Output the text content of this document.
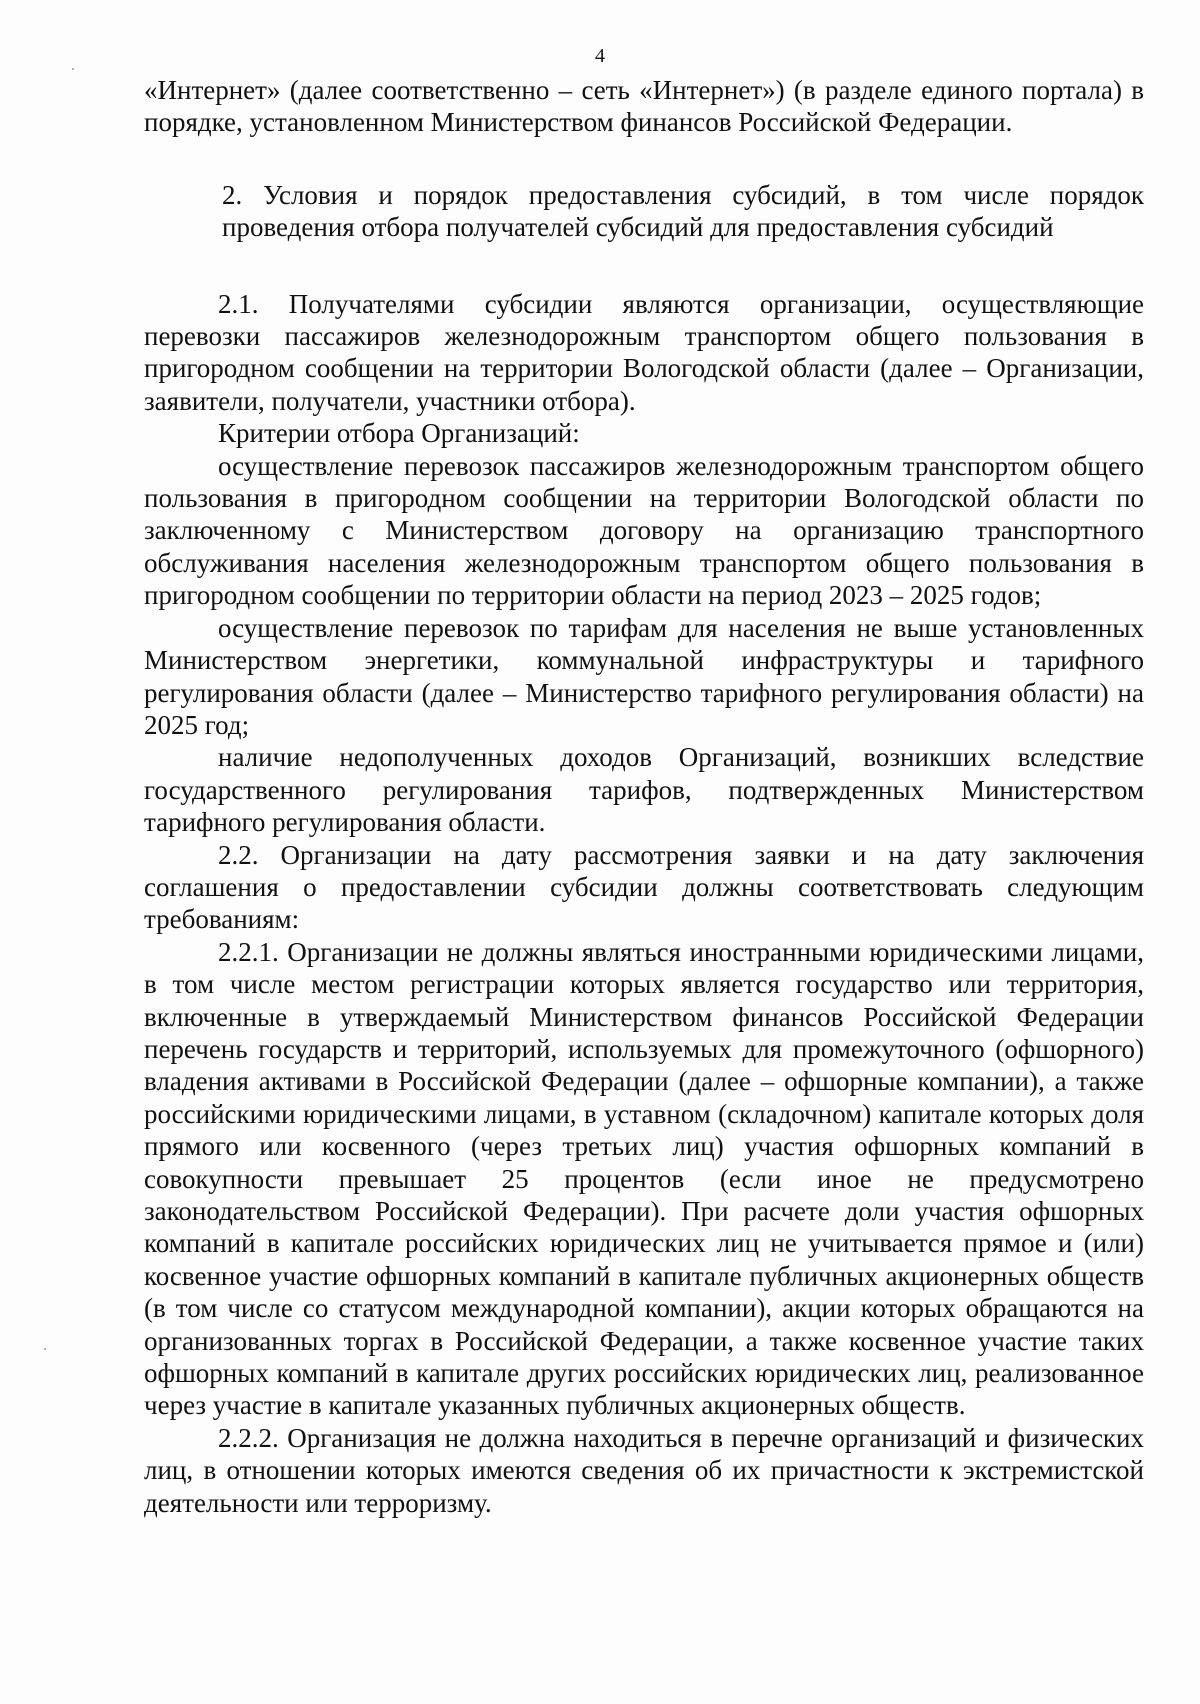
4

«Интернет» (далее соответственно – сеть «Интернет») (в разделе единого портала) в порядке, установленном Министерством финансов Российской Федерации.

2. Условия и порядок предоставления субсидий, в том числе порядок проведения отбора получателей субсидий для предоставления субсидий

2.1. Получателями субсидии являются организации, осуществляющие перевозки пассажиров железнодорожным транспортом общего пользования в пригородном сообщении на территории Вологодской области (далее – Организации, заявители, получатели, участники отбора).

Критерии отбора Организаций:

осуществление перевозок пассажиров железнодорожным транспортом общего пользования в пригородном сообщении на территории Вологодской области по заключенному с Министерством договору на организацию транспортного обслуживания населения железнодорожным транспортом общего пользования в пригородном сообщении по территории области на период 2023 – 2025 годов;

осуществление перевозок по тарифам для населения не выше установленных Министерством энергетики, коммунальной инфраструктуры и тарифного регулирования области (далее – Министерство тарифного регулирования области) на 2025 год;

наличие недополученных доходов Организаций, возникших вследствие государственного регулирования тарифов, подтвержденных Министерством тарифного регулирования области.

2.2. Организации на дату рассмотрения заявки и на дату заключения соглашения о предоставлении субсидии должны соответствовать следующим требованиям:

2.2.1. Организации не должны являться иностранными юридическими лицами, в том числе местом регистрации которых является государство или территория, включенные в утверждаемый Министерством финансов Российской Федерации перечень государств и территорий, используемых для промежуточного (офшорного) владения активами в Российской Федерации (далее – офшорные компании), а также российскими юридическими лицами, в уставном (складочном) капитале которых доля прямого или косвенного (через третьих лиц) участия офшорных компаний в совокупности превышает 25 процентов (если иное не предусмотрено законодательством Российской Федерации). При расчете доли участия офшорных компаний в капитале российских юридических лиц не учитывается прямое и (или) косвенное участие офшорных компаний в капитале публичных акционерных обществ (в том числе со статусом международной компании), акции которых обращаются на организованных торгах в Российской Федерации, а также косвенное участие таких офшорных компаний в капитале других российских юридических лиц, реализованное через участие в капитале указанных публичных акционерных обществ.

2.2.2. Организация не должна находиться в перечне организаций и физических лиц, в отношении которых имеются сведения об их причастности к экстремистской деятельности или терроризму.
